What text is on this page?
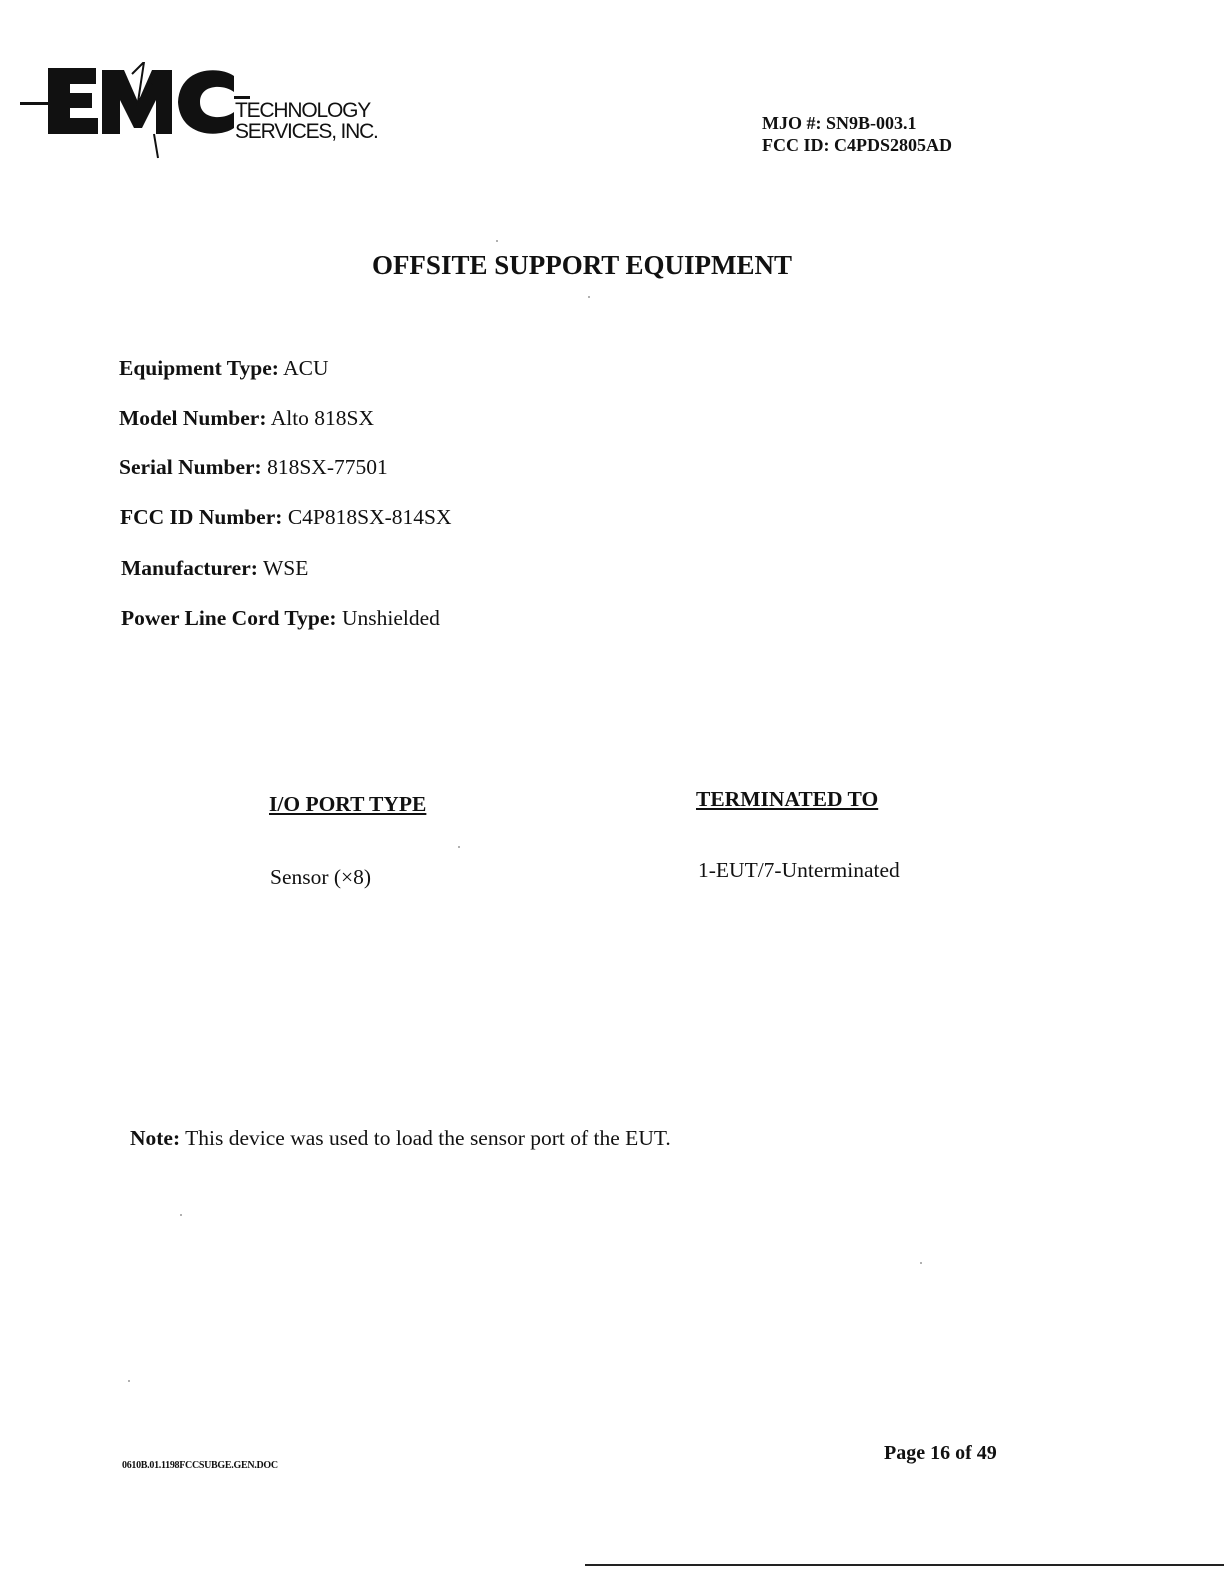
TECHNOLOGY
SERVICES, INC.	MJO #: SN9B-003.1
FCC ID: C4PDS2805AD
OFFSITE SUPPORT EQUIPMENT
Equipment Type: ACU
Model Number: Alto 818SX
Serial Number: 818SX-77501
FCC ID Number: C4P818SX-814SX
Manufacturer: WSE
Power Line Cord Type: Unshielded
I/O PORT TYPE	TERMINATED TO
Sensor (×8)	1-EUT/7-Unterminated
Note: This device was used to load the sensor port of the EUT.
0610B.01.1198FCCSUBGE.GEN.DOC
Page 16 of 49
